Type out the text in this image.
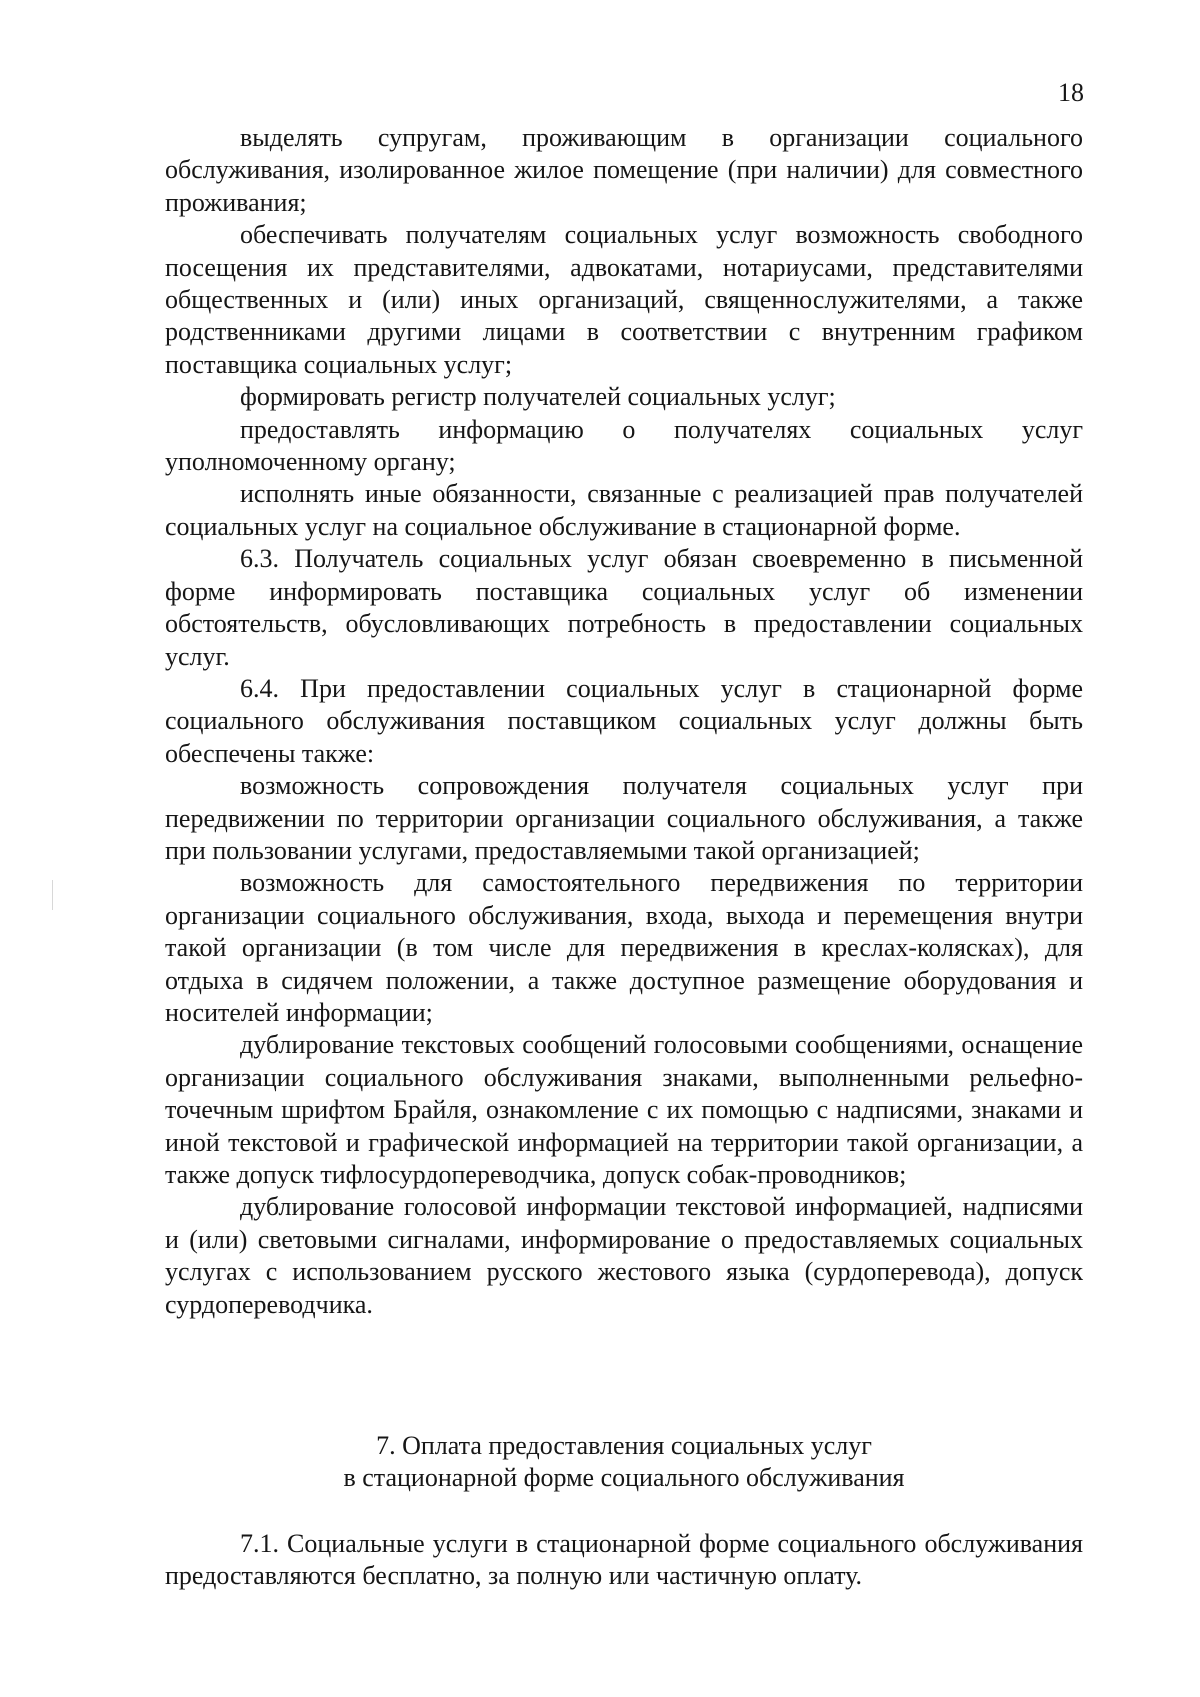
18

выделять супругам, проживающим в организации социального обслуживания, изолированное жилое помещение (при наличии) для совместного проживания;

обеспечивать получателям социальных услуг возможность свободного посещения их представителями, адвокатами, нотариусами, представителями общественных и (или) иных организаций, священнослужителями, а также родственниками другими лицами в соответствии с внутренним графиком поставщика социальных услуг;

формировать регистр получателей социальных услуг;

предоставлять информацию о получателях социальных услуг уполномоченному органу;

исполнять иные обязанности, связанные с реализацией прав получателей социальных услуг на социальное обслуживание в стационарной форме.

6.3. Получатель социальных услуг обязан своевременно в письменной форме информировать поставщика социальных услуг об изменении обстоятельств, обусловливающих потребность в предоставлении социальных услуг.

6.4. При предоставлении социальных услуг в стационарной форме социального обслуживания поставщиком социальных услуг должны быть обеспечены также:

возможность сопровождения получателя социальных услуг при передвижении по территории организации социального обслуживания, а также при пользовании услугами, предоставляемыми такой организацией;

возможность для самостоятельного передвижения по территории организации социального обслуживания, входа, выхода и перемещения внутри такой организации (в том числе для передвижения в креслах-колясках), для отдыха в сидячем положении, а также доступное размещение оборудования и носителей информации;

дублирование текстовых сообщений голосовыми сообщениями, оснащение организации социального обслуживания знаками, выполненными рельефно-точечным шрифтом Брайля, ознакомление с их помощью с надписями, знаками и иной текстовой и графической информацией на территории такой организации, а также допуск тифлосурдопереводчика, допуск собак-проводников;

дублирование голосовой информации текстовой информацией, надписями и (или) световыми сигналами, информирование о предоставляемых социальных услугах с использованием русского жестового языка (сурдоперевода), допуск сурдопереводчика.

7. Оплата предоставления социальных услуг
в стационарной форме социального обслуживания

7.1. Социальные услуги в стационарной форме социального обслуживания предоставляются бесплатно, за полную или частичную оплату.
